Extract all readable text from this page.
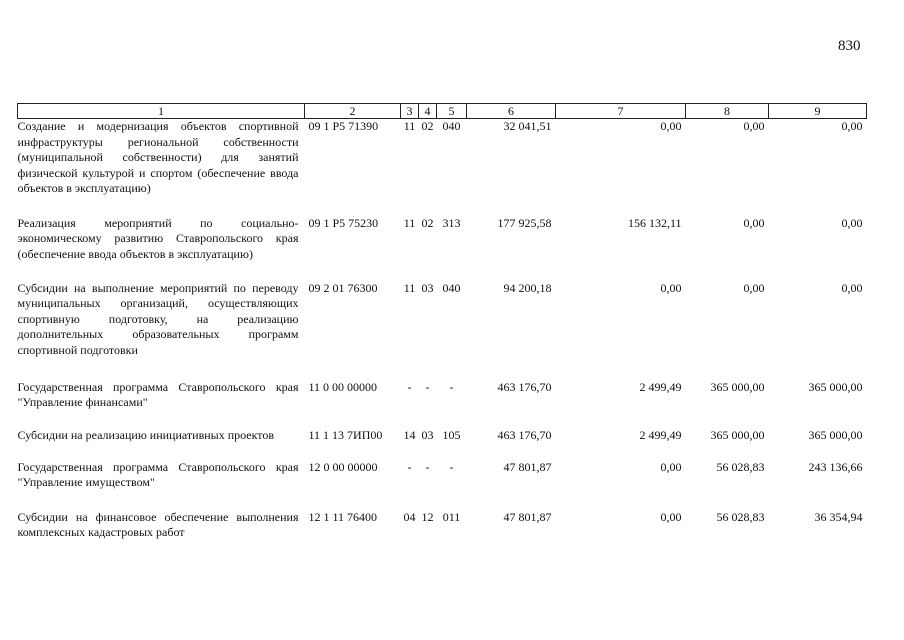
830
1	2	3	4	5	6	7	8	9
Создание и модернизация объектов спортивной инфраструктуры региональной собственности (муниципальной собственности) для занятий физической культурой и спортом (обеспечение ввода объектов в эксплуатацию)	09 1 P5 71390	11	02	040	32 041,51	0,00	0,00	0,00
Реализация мероприятий по социально-экономическому развитию Ставропольского края (обеспечение ввода объектов в эксплуатацию)	09 1 P5 75230	11	02	313	177 925,58	156 132,11	0,00	0,00
Субсидии на выполнение мероприятий по переводу муниципальных организаций, осуществляющих спортивную подготовку, на реализацию дополнительных образовательных программ спортивной подготовки	09 2 01 76300	11	03	040	94 200,18	0,00	0,00	0,00
Государственная программа Ставропольского края "Управление финансами"	11 0 00 00000	-	-	-	463 176,70	2 499,49	365 000,00	365 000,00
Субсидии на реализацию инициативных проектов	11 1 13 7ИП00	14	03	105	463 176,70	2 499,49	365 000,00	365 000,00
Государственная программа Ставропольского края "Управление имуществом"	12 0 00 00000	-	-	-	47 801,87	0,00	56 028,83	243 136,66
Субсидии на финансовое обеспечение выполнения комплексных кадастровых работ	12 1 11 76400	04	12	011	47 801,87	0,00	56 028,83	36 354,94
